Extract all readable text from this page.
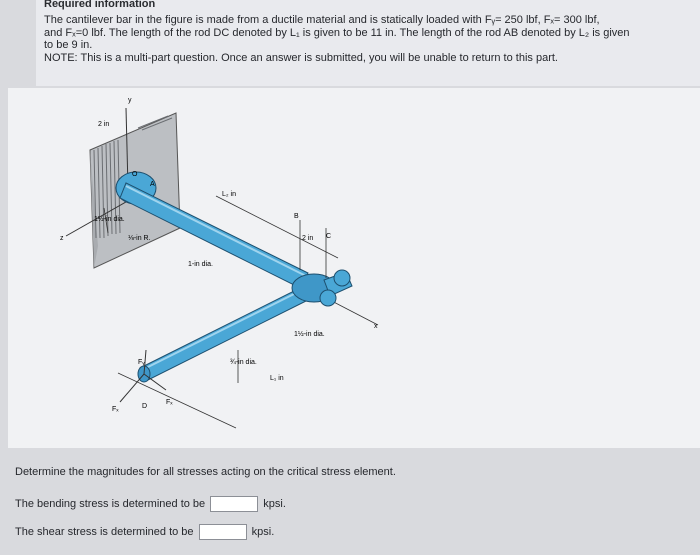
Required information

The cantilever bar in the figure is made from a ductile material and is statically loaded with Fᵧ= 250 lbf, Fₓ= 300 lbf,

and Fₓ=0 lbf. The length of the rod DC denoted by L₁ is given to be 11 in. The length of the rod AB denoted by L₂ is given

to be 9 in.

NOTE: This is a multi-part question. Once an answer is submitted, you will be unable to return to this part.

2 in
y
O
A
L₂ in
1½-in dia.
⅛-in R.
z
1-in dia.
B
2 in C
1½-in dia.
¾-in dia.
L₁ in
x
Fᵧ
Fₓ	D
Fₓ
Determine the magnitudes for all stresses acting on the critical stress element.
The bending stress is determined to be	kpsi.
The shear stress is determined to be	kpsi.
